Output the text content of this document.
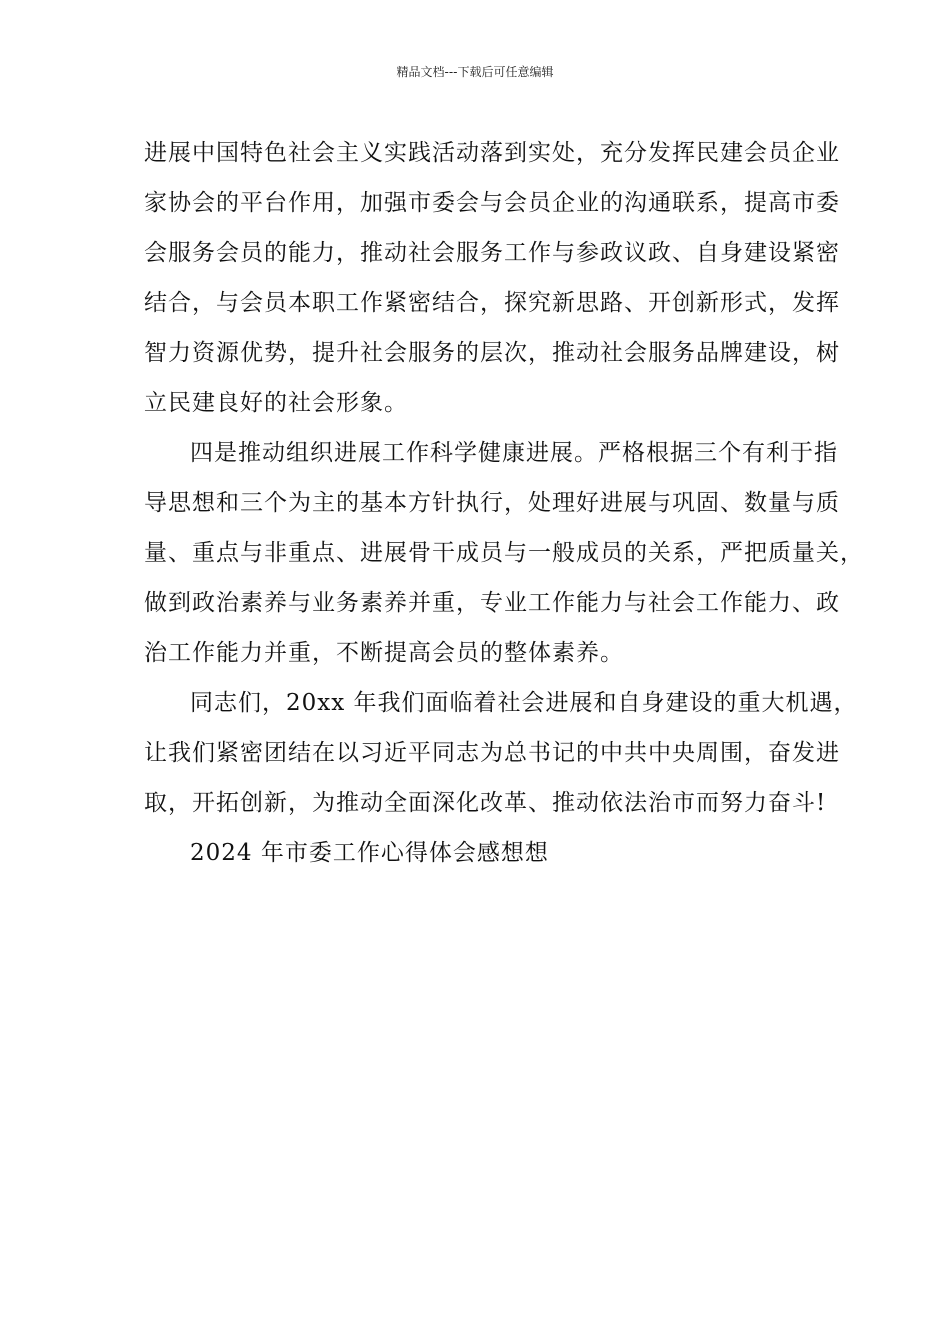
精品文档---下载后可任意编辑
进展中国特色社会主义实践活动落到实处，充分发挥民建会员企业
家协会的平台作用，加强市委会与会员企业的沟通联系，提高市委
会服务会员的能力，推动社会服务工作与参政议政、自身建设紧密
结合，与会员本职工作紧密结合，探究新思路、开创新形式，发挥
智力资源优势，提升社会服务的层次，推动社会服务品牌建设，树
立民建良好的社会形象。
四是推动组织进展工作科学健康进展。严格根据三个有利于指
导思想和三个为主的基本方针执行，处理好进展与巩固、数量与质
量、重点与非重点、进展骨干成员与一般成员的关系，严把质量关，
做到政治素养与业务素养并重，专业工作能力与社会工作能力、政
治工作能力并重，不断提高会员的整体素养。
同志们，20xx 年我们面临着社会进展和自身建设的重大机遇，
让我们紧密团结在以习近平同志为总书记的中共中央周围，奋发进
取，开拓创新，为推动全面深化改革、推动依法治市而努力奋斗!
2024 年市委工作心得体会感想想
